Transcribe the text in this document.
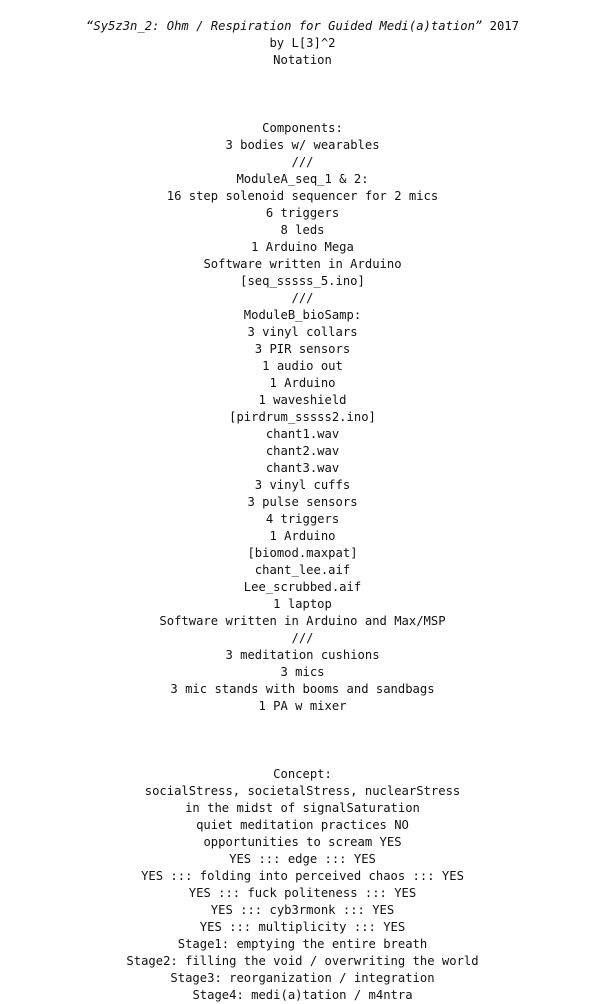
“Sy5z3n_2: Ohm / Respiration for Guided Medi(a)tation” 2017
by L[3]^2
Notation
Components:
3 bodies w/ wearables
///
ModuleA_seq_1 & 2:
16 step solenoid sequencer for 2 mics
6 triggers
8 leds
1 Arduino Mega
Software written in Arduino
[seq_sssss_5.ino]
///
ModuleB_bioSamp:
3 vinyl collars
3 PIR sensors
1 audio out
1 Arduino
1 waveshield
[pirdrum_sssss2.ino]
chant1.wav
chant2.wav
chant3.wav
3 vinyl cuffs
3 pulse sensors
4 triggers
1 Arduino
[biomod.maxpat]
chant_lee.aif
Lee_scrubbed.aif
1 laptop
Software written in Arduino and Max/MSP
///
3 meditation cushions
3 mics
3 mic stands with booms and sandbags
1 PA w mixer
Concept:
socialStress, societalStress, nuclearStress
in the midst of signalSaturation
quiet meditation practices NO
opportunities to scream YES
YES ::: edge ::: YES
YES ::: folding into perceived chaos ::: YES
YES ::: fuck politeness ::: YES
YES ::: cyb3rmonk ::: YES
YES ::: multiplicity ::: YES
Stage1: emptying the entire breath
Stage2: filling the void / overwriting the world
Stage3: reorganization / integration
Stage4: medi(a)tation / m4ntra
